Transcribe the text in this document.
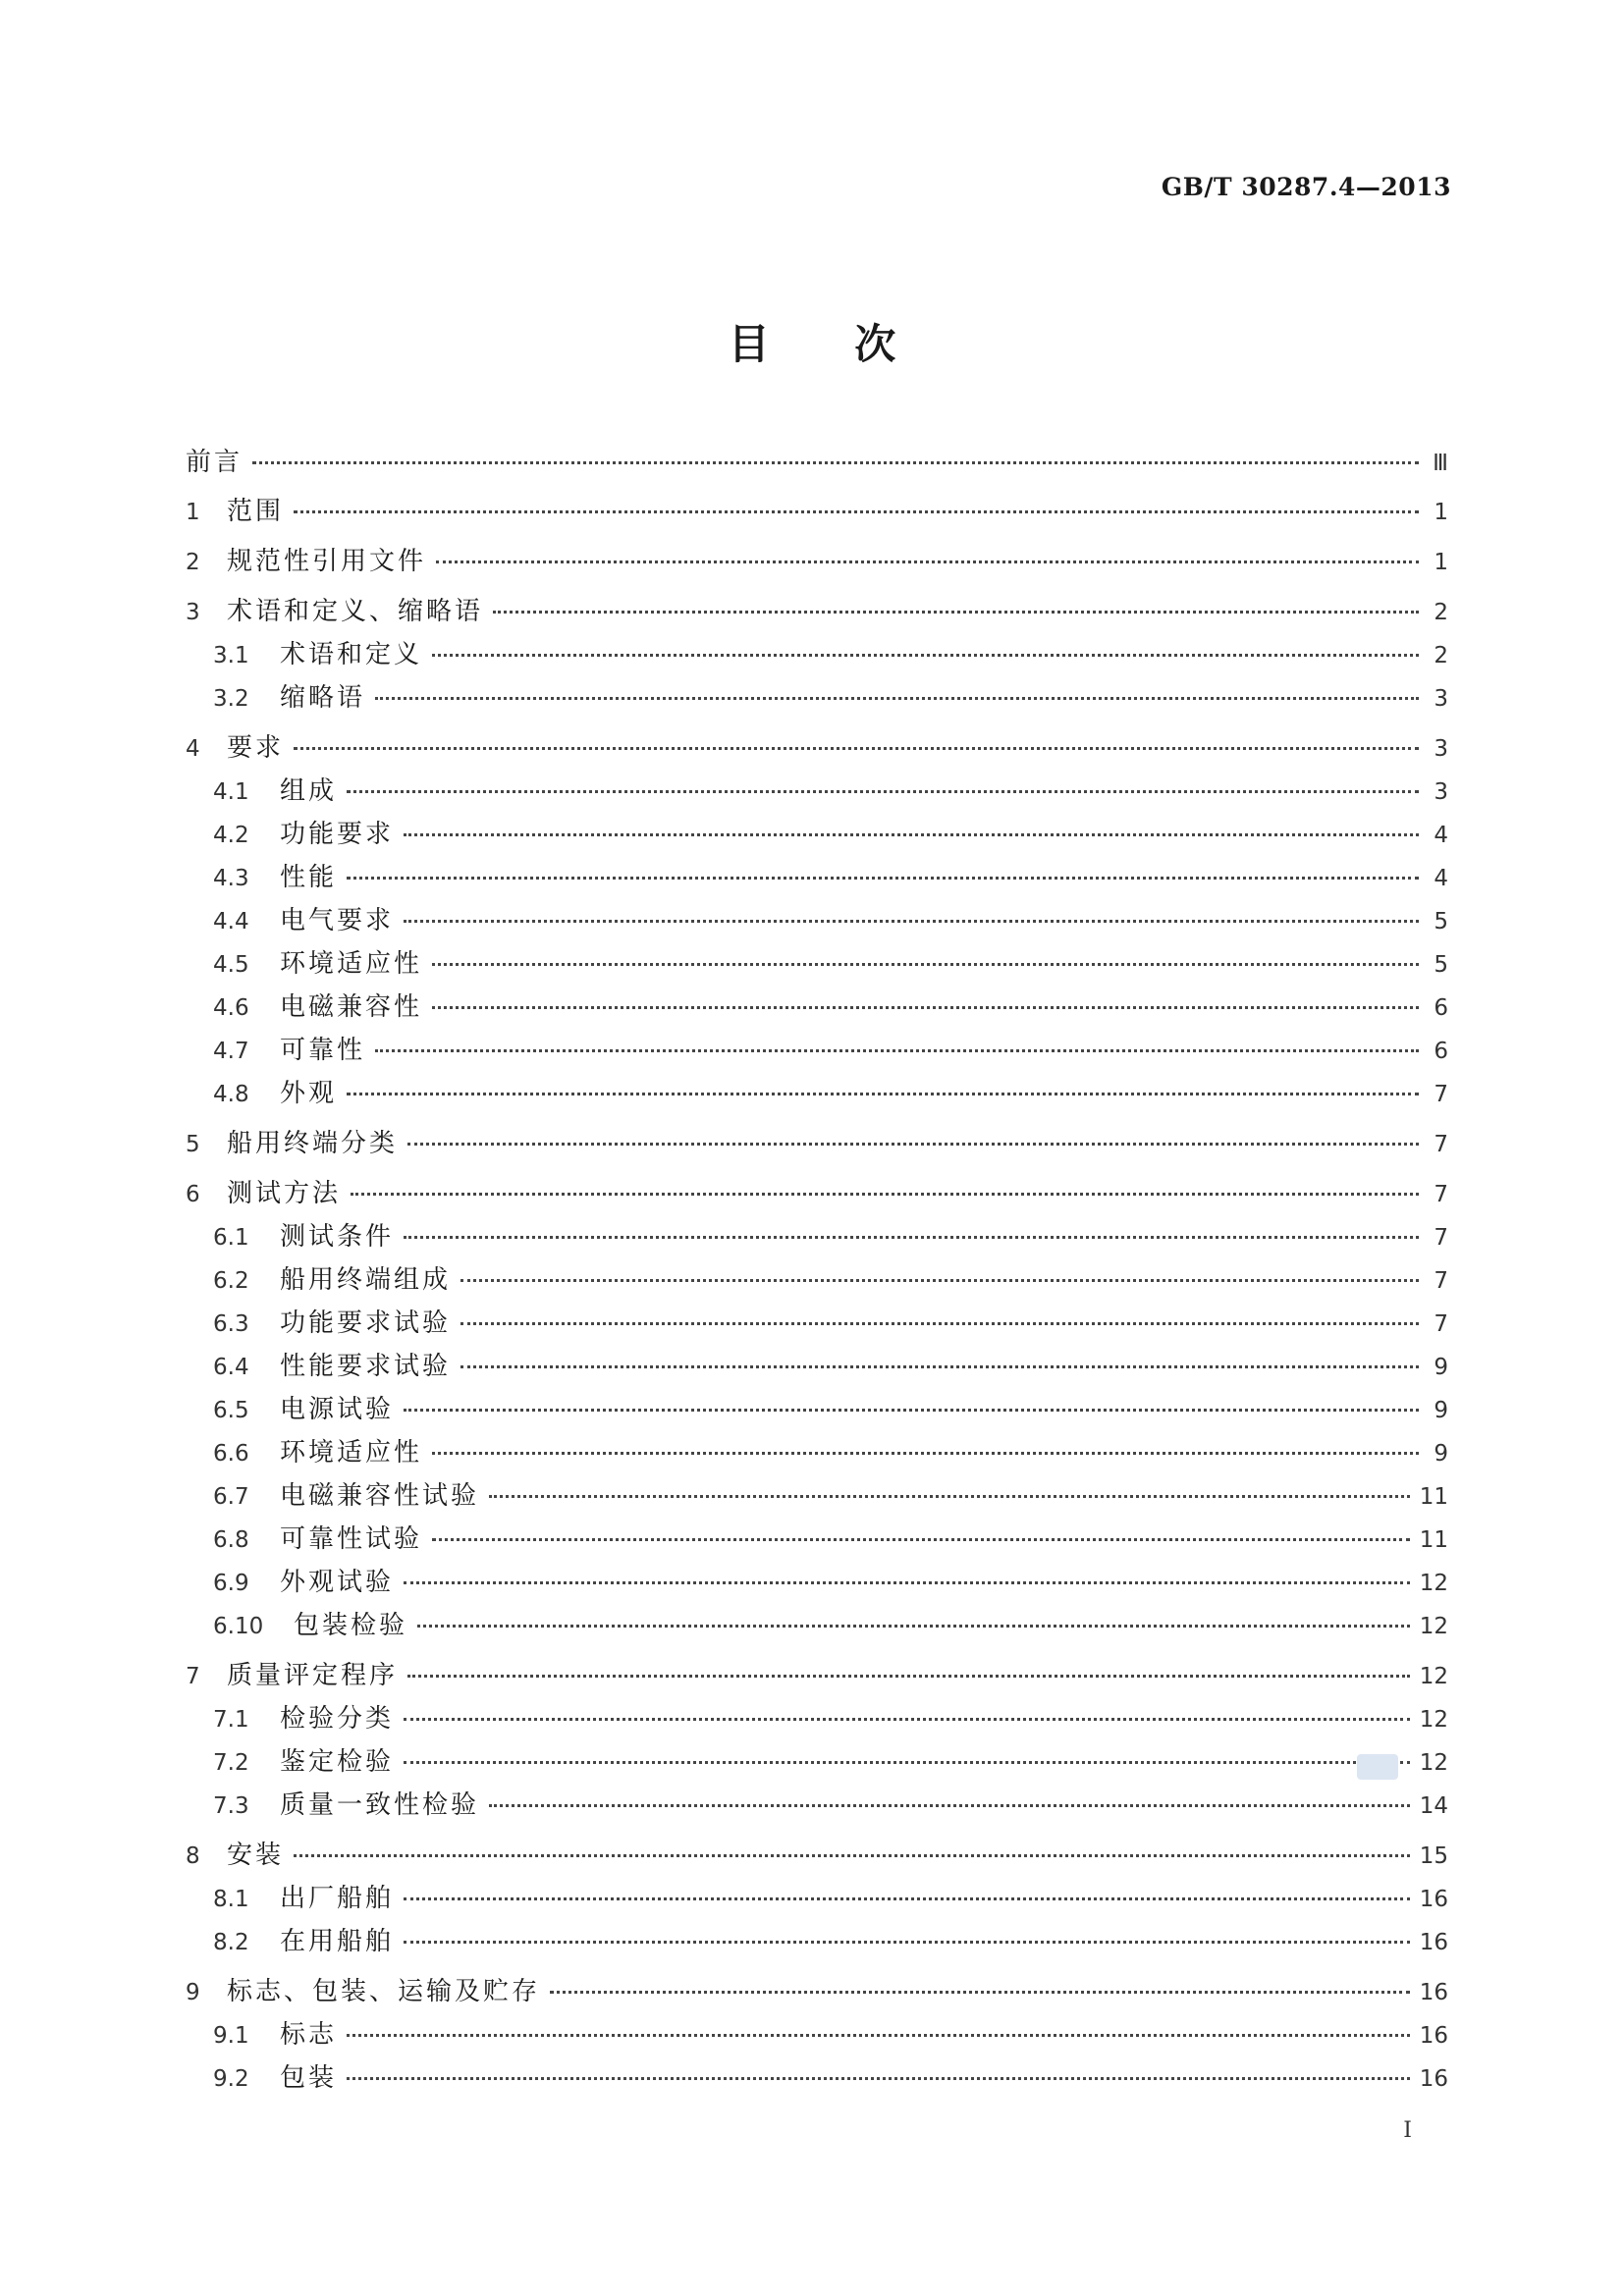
GB/T 30287.4—2013
目 次
前言	Ⅲ
1	范围	1
2	规范性引用文件	1
3	术语和定义、缩略语	2
3.1	术语和定义	2
3.2	缩略语	3
4	要求	3
4.1	组成	3
4.2	功能要求	4
4.3	性能	4
4.4	电气要求	5
4.5	环境适应性	5
4.6	电磁兼容性	6
4.7	可靠性	6
4.8	外观	7
5	船用终端分类	7
6	测试方法	7
6.1	测试条件	7
6.2	船用终端组成	7
6.3	功能要求试验	7
6.4	性能要求试验	9
6.5	电源试验	9
6.6	环境适应性	9
6.7	电磁兼容性试验	11
6.8	可靠性试验	11
6.9	外观试验	12
6.10	包装检验	12
7	质量评定程序	12
7.1	检验分类	12
7.2	鉴定检验	12
7.3	质量一致性检验	14
8	安装	15
8.1	出厂船舶	16
8.2	在用船舶	16
9	标志、包装、运输及贮存	16
9.1	标志	16
9.2	包装	16
Ⅰ
